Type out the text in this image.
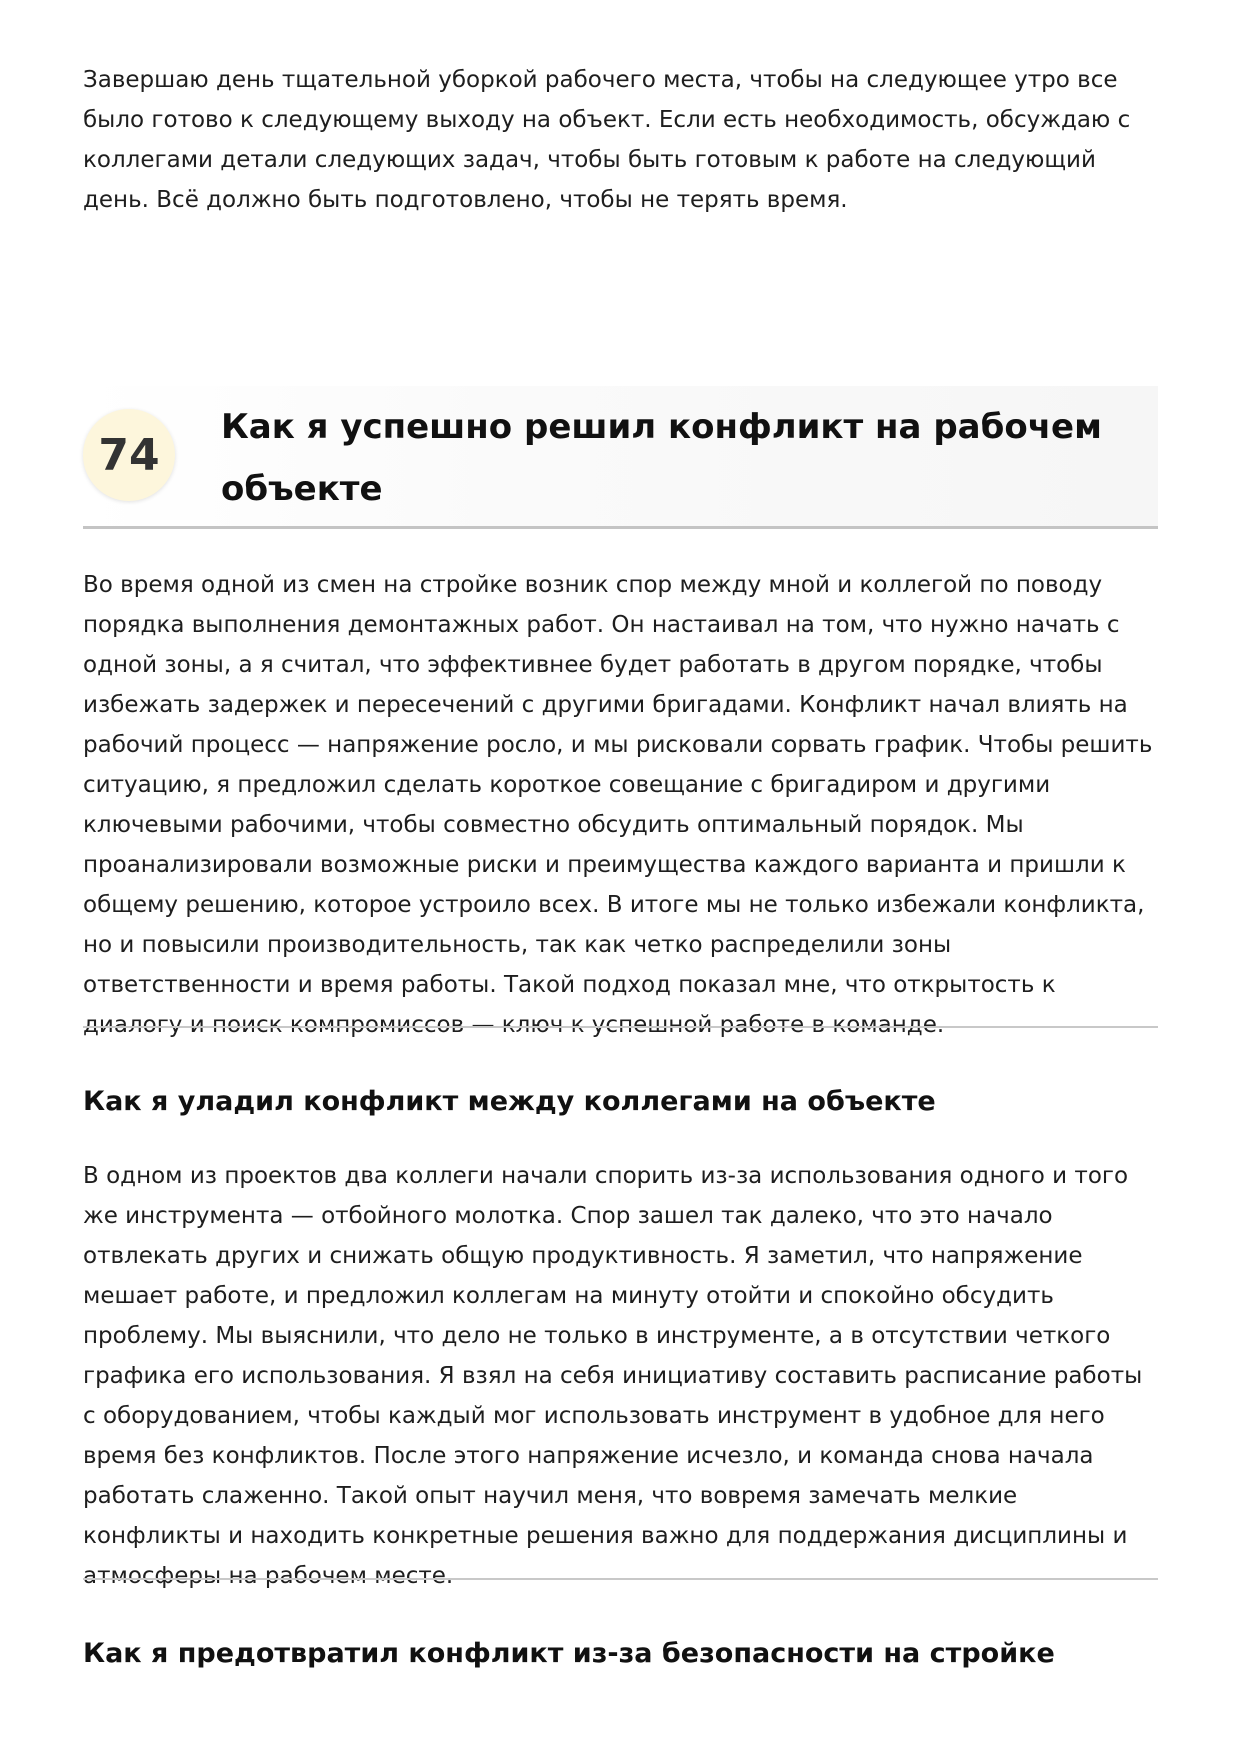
Завершаю день тщательной уборкой рабочего места, чтобы на следующее утро все было готово к следующему выходу на объект. Если есть необходимость, обсуждаю с коллегами детали следующих задач, чтобы быть готовым к работе на следующий день. Всё должно быть подготовлено, чтобы не терять время.

74
Как я успешно решил конфликт на рабочем объекте

Во время одной из смен на стройке возник спор между мной и коллегой по поводу порядка выполнения демонтажных работ. Он настаивал на том, что нужно начать с одной зоны, а я считал, что эффективнее будет работать в другом порядке, чтобы избежать задержек и пересечений с другими бригадами. Конфликт начал влиять на рабочий процесс — напряжение росло, и мы рисковали сорвать график. Чтобы решить ситуацию, я предложил сделать короткое совещание с бригадиром и другими ключевыми рабочими, чтобы совместно обсудить оптимальный порядок. Мы проанализировали возможные риски и преимущества каждого варианта и пришли к общему решению, которое устроило всех. В итоге мы не только избежали конфликта, но и повысили производительность, так как четко распределили зоны ответственности и время работы. Такой подход показал мне, что открытость к диалогу и поиск компромиссов — ключ к успешной работе в команде.

Как я уладил конфликт между коллегами на объекте

В одном из проектов два коллеги начали спорить из-за использования одного и того же инструмента — отбойного молотка. Спор зашел так далеко, что это начало отвлекать других и снижать общую продуктивность. Я заметил, что напряжение мешает работе, и предложил коллегам на минуту отойти и спокойно обсудить проблему. Мы выяснили, что дело не только в инструменте, а в отсутствии четкого графика его использования. Я взял на себя инициативу составить расписание работы с оборудованием, чтобы каждый мог использовать инструмент в удобное для него время без конфликтов. После этого напряжение исчезло, и команда снова начала работать слаженно. Такой опыт научил меня, что вовремя замечать мелкие конфликты и находить конкретные решения важно для поддержания дисциплины и атмосферы на рабочем месте.

Как я предотвратил конфликт из-за безопасности на стройке
